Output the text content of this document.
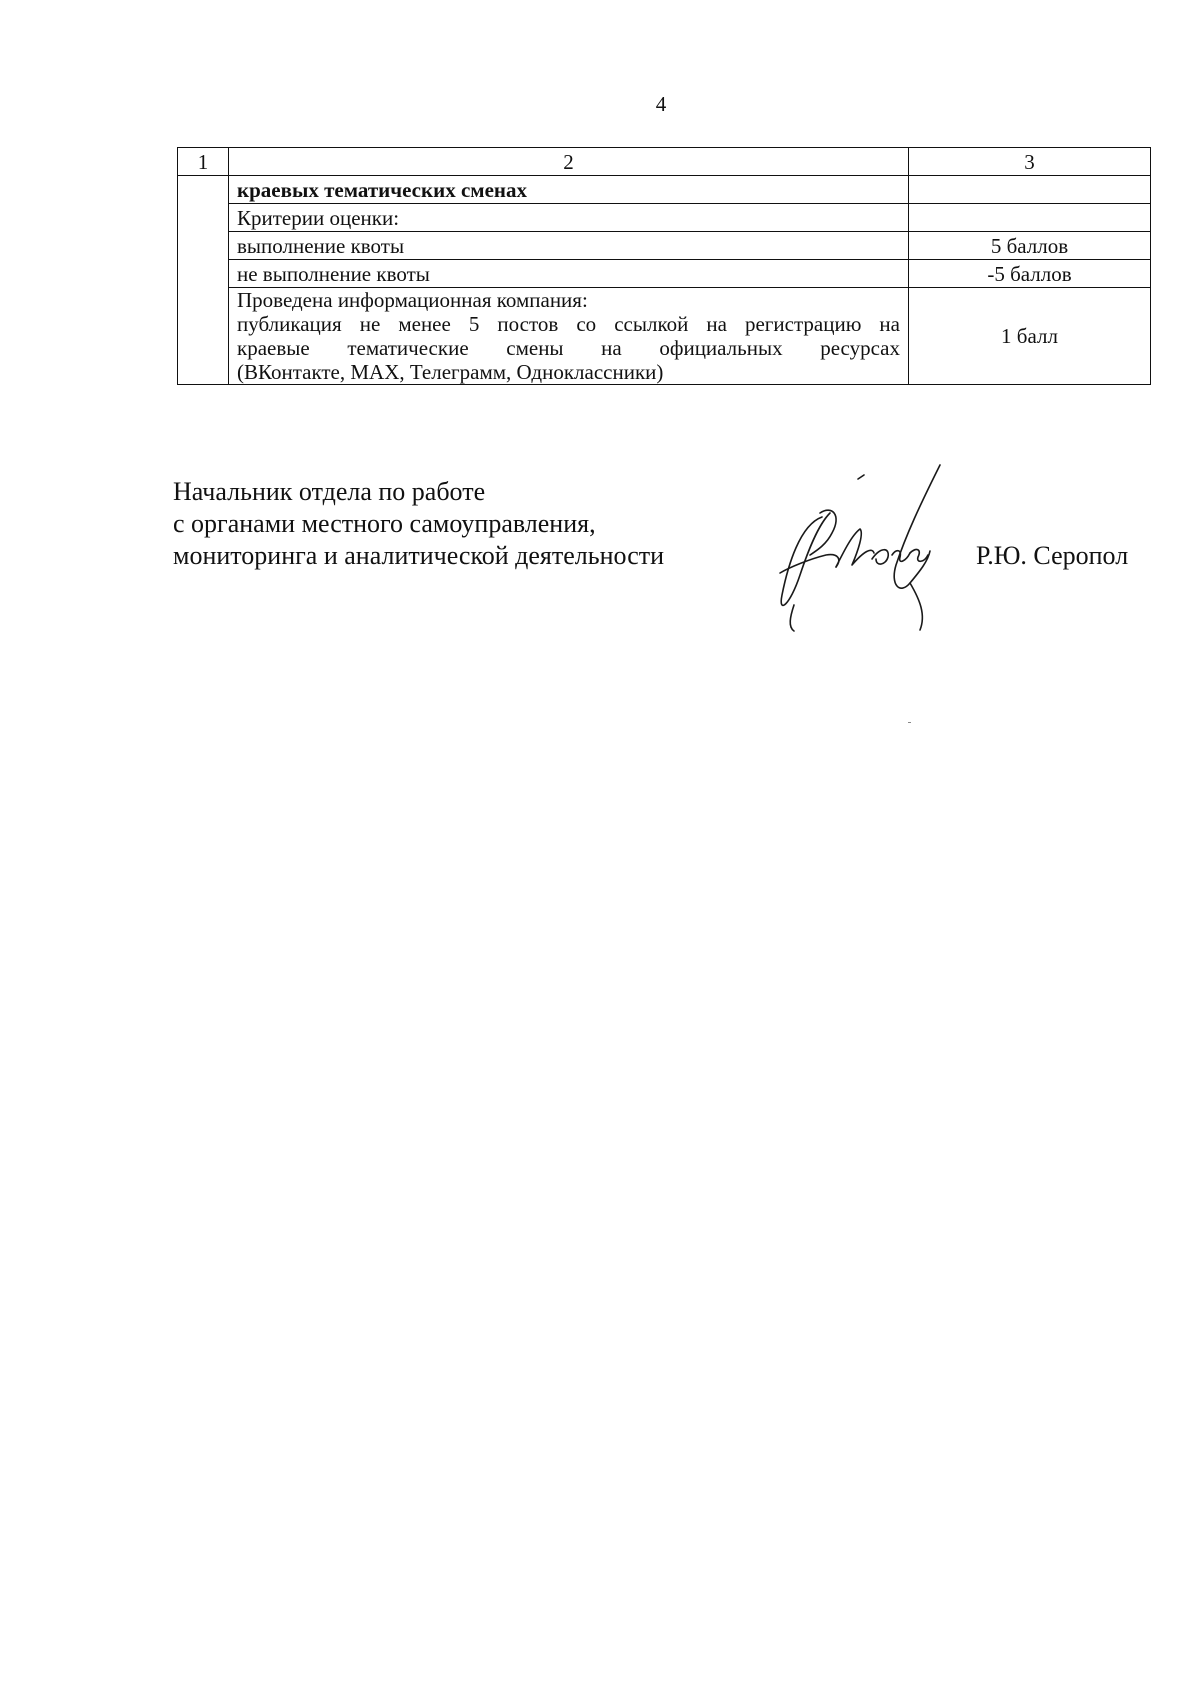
4
1	2	3
	краевых тематических сменах	
	Критерии оценки:	
	выполнение квоты	5 баллов
	не выполнение квоты	-5 баллов

	Проведена информационная компания:
публикация не менее 5 постов со ссылкой на регистрацию на
краевые тематические смены на официальных ресурсах
(ВКонтакте, MAX, Телеграмм, Одноклассники)	1 балл
Начальник отдела по работе
с органами местного самоуправления,
мониторинга и аналитической деятельности	Р.Ю. Серопол
